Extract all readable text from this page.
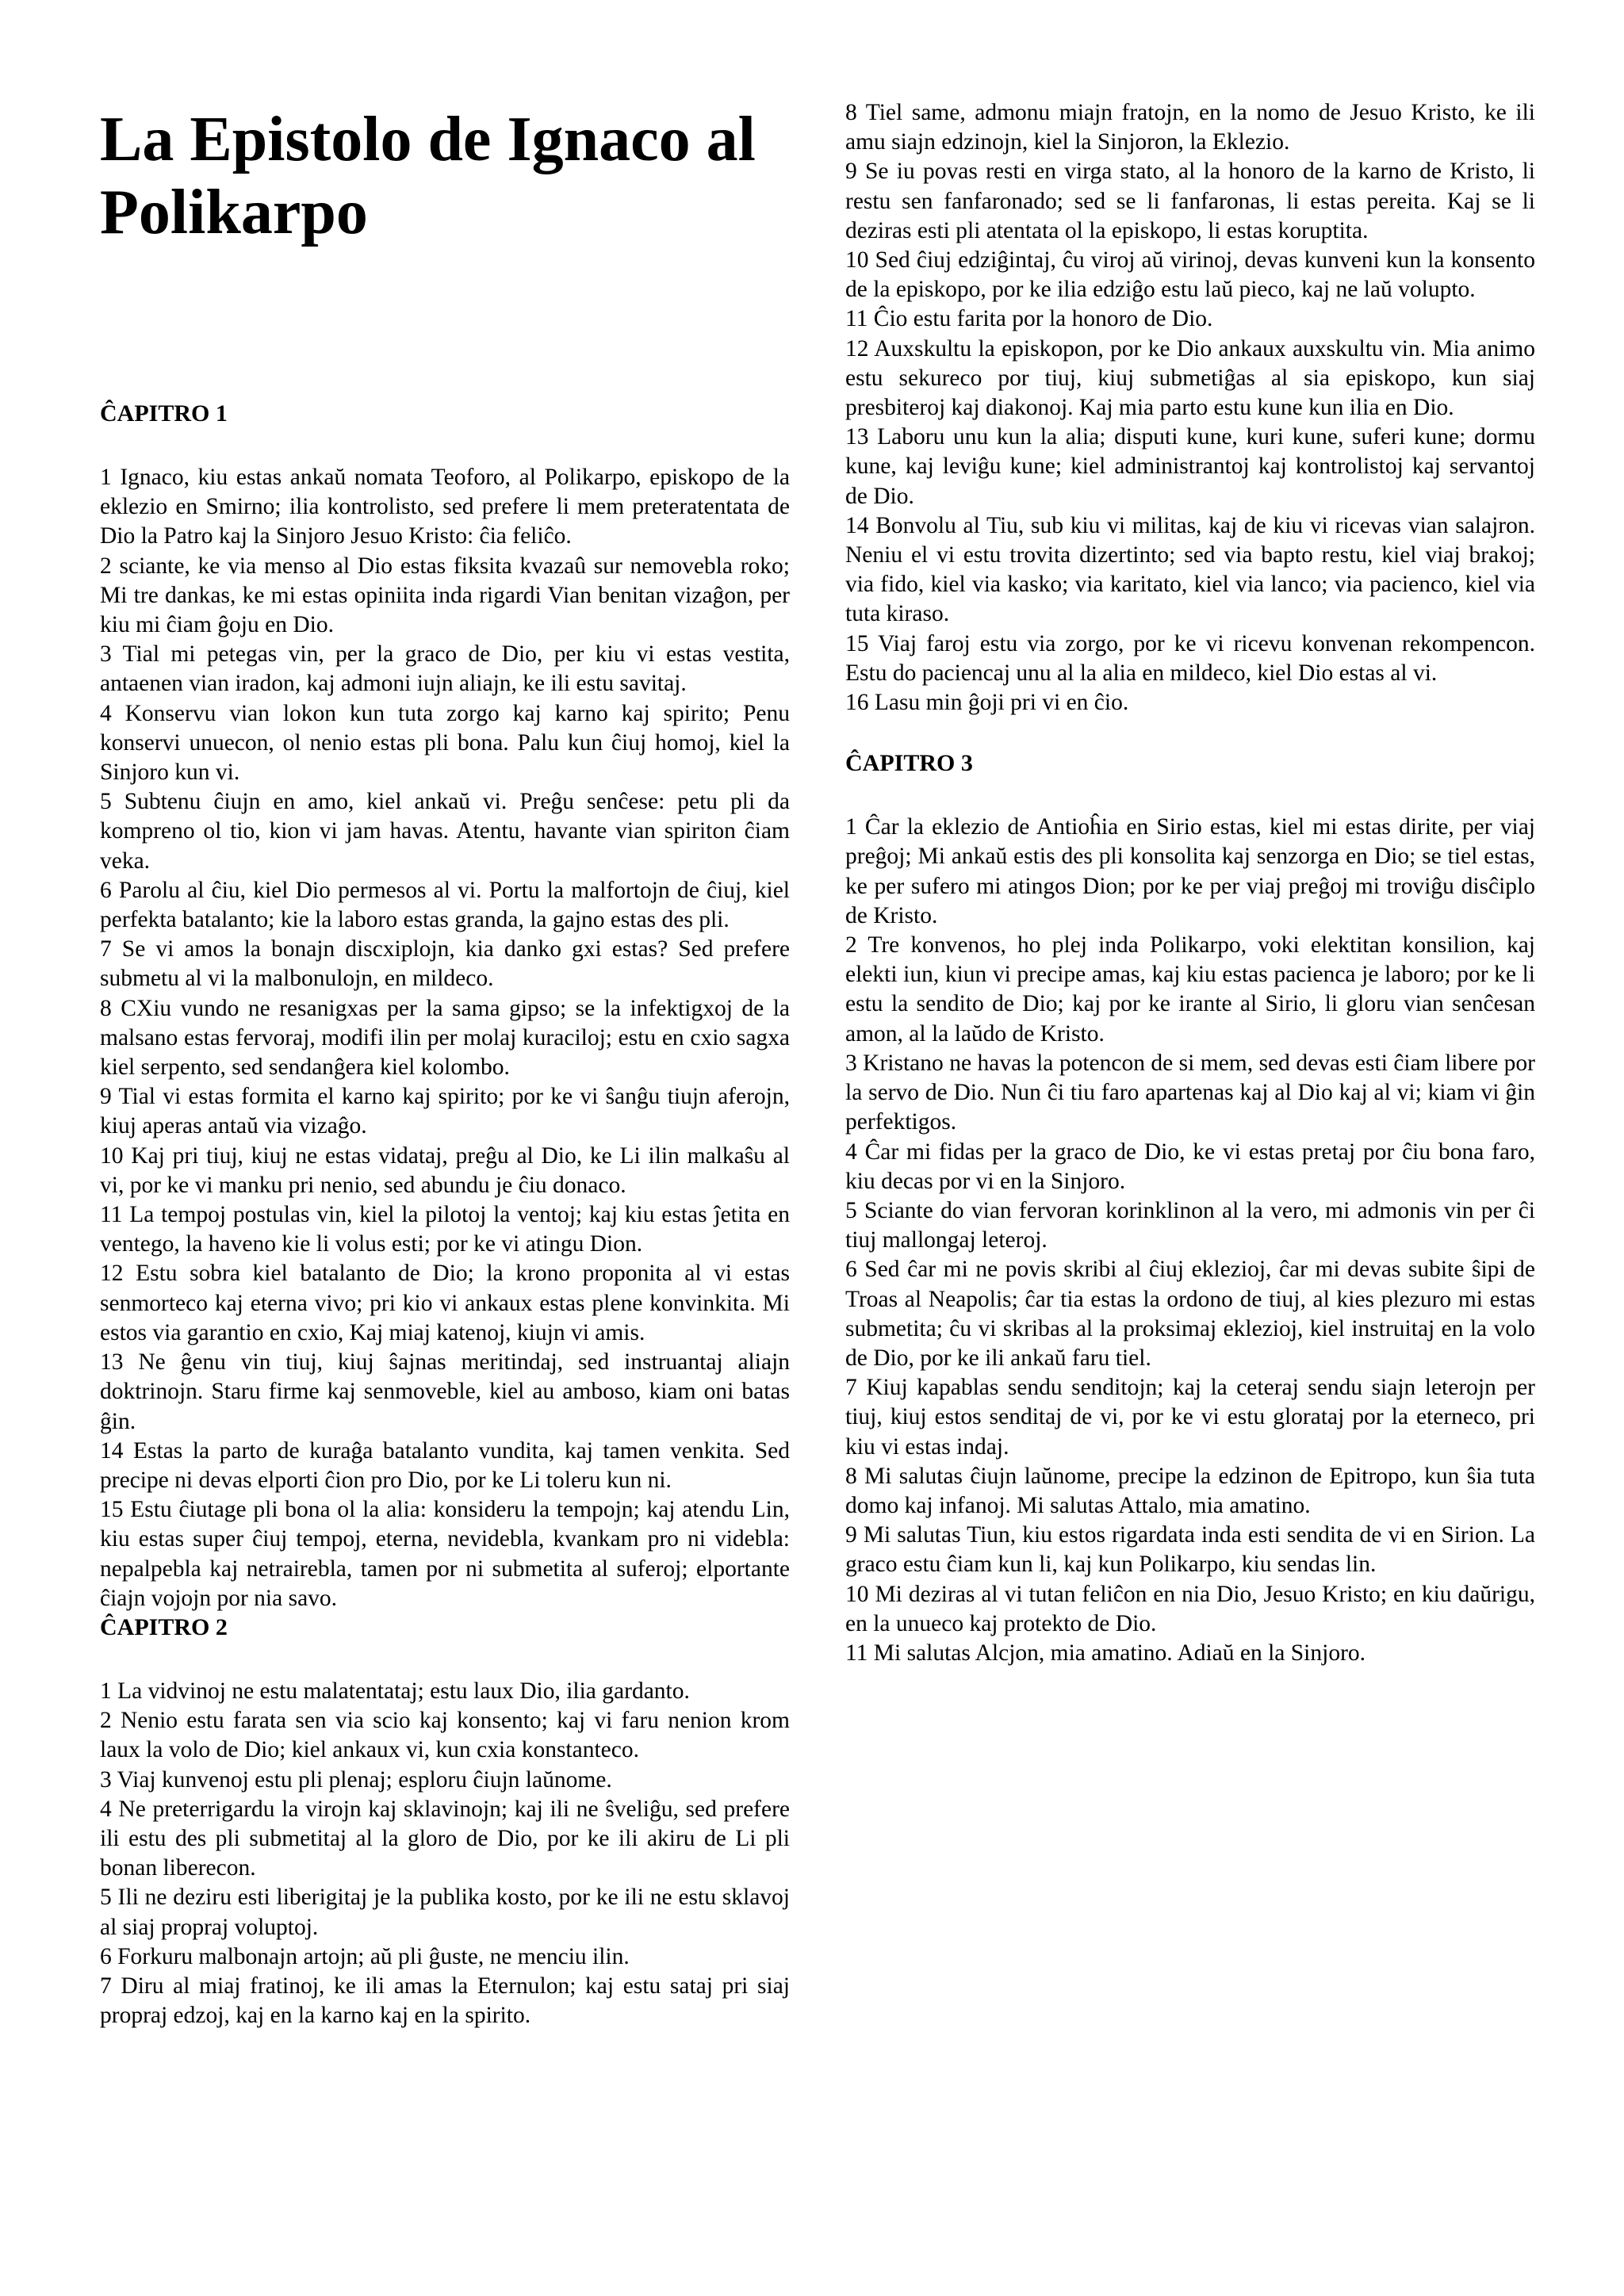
La Epistolo de Ignaco al Polikarpo
ĈAPITRO 1

1 Ignaco, kiu estas ankaŭ nomata Teoforo, al Polikarpo, episkopo de la eklezio en Smirno; ilia kontrolisto, sed prefere li mem preteratentata de Dio la Patro kaj la Sinjoro Jesuo Kristo: ĉia feliĉo.

2 sciante, ke via menso al Dio estas fiksita kvazaû sur nemovebla roko; Mi tre dankas, ke mi estas opiniita inda rigardi Vian benitan vizaĝon, per kiu mi ĉiam ĝoju en Dio.

3 Tial mi petegas vin, per la graco de Dio, per kiu vi estas vestita, antaenen vian iradon, kaj admoni iujn aliajn, ke ili estu savitaj.

4 Konservu vian lokon kun tuta zorgo kaj karno kaj spirito; Penu konservi unuecon, ol nenio estas pli bona. Palu kun ĉiuj homoj, kiel la Sinjoro kun vi.

5 Subtenu ĉiujn en amo, kiel ankaŭ vi. Preĝu senĉese: petu pli da kompreno ol tio, kion vi jam havas. Atentu, havante vian spiriton ĉiam veka.

6 Parolu al ĉiu, kiel Dio permesos al vi. Portu la malfortojn de ĉiuj, kiel perfekta batalanto; kie la laboro estas granda, la gajno estas des pli.

7 Se vi amos la bonajn discxiplojn, kia danko gxi estas? Sed prefere submetu al vi la malbonulojn, en mildeco.

8 CXiu vundo ne resanigxas per la sama gipso; se la infektigxoj de la malsano estas fervoraj, modifi ilin per molaj kuraciloj; estu en cxio sagxa kiel serpento, sed sendanĝera kiel kolombo.

9 Tial vi estas formita el karno kaj spirito; por ke vi ŝanĝu tiujn aferojn, kiuj aperas antaŭ via vizaĝo.

10 Kaj pri tiuj, kiuj ne estas vidataj, preĝu al Dio, ke Li ilin malkaŝu al vi, por ke vi manku pri nenio, sed abundu je ĉiu donaco.

11 La tempoj postulas vin, kiel la pilotoj la ventoj; kaj kiu estas ĵetita en ventego, la haveno kie li volus esti; por ke vi atingu Dion.

12 Estu sobra kiel batalanto de Dio; la krono proponita al vi estas senmorteco kaj eterna vivo; pri kio vi ankaux estas plene konvinkita. Mi estos via garantio en cxio, Kaj miaj katenoj, kiujn vi amis.

13 Ne ĝenu vin tiuj, kiuj ŝajnas meritindaj, sed instruantaj aliajn doktrinojn. Staru firme kaj senmoveble, kiel au amboso, kiam oni batas ĝin.

14 Estas la parto de kuraĝa batalanto vundita, kaj tamen venkita. Sed precipe ni devas elporti ĉion pro Dio, por ke Li toleru kun ni.

15 Estu ĉiutage pli bona ol la alia: konsideru la tempojn; kaj atendu Lin, kiu estas super ĉiuj tempoj, eterna, nevidebla, kvankam pro ni videbla: nepalpebla kaj netrairebla, tamen por ni submetita al suferoj; elportante ĉiajn vojojn por nia savo.

ĈAPITRO 2

1 La vidvinoj ne estu malatentataj; estu laux Dio, ilia gardanto.

2 Nenio estu farata sen via scio kaj konsento; kaj vi faru nenion krom laux la volo de Dio; kiel ankaux vi, kun cxia konstanteco.

3 Viaj kunvenoj estu pli plenaj; esploru ĉiujn laŭnome.

4 Ne preterrigardu la virojn kaj sklavinojn; kaj ili ne ŝveliĝu, sed prefere ili estu des pli submetitaj al la gloro de Dio, por ke ili akiru de Li pli bonan liberecon.

5 Ili ne deziru esti liberigitaj je la publika kosto, por ke ili ne estu sklavoj al siaj propraj voluptoj.

6 Forkuru malbonajn artojn; aŭ pli ĝuste, ne menciu ilin.

7 Diru al miaj fratinoj, ke ili amas la Eternulon; kaj estu sataj pri siaj propraj edzoj, kaj en la karno kaj en la spirito.

8 Tiel same, admonu miajn fratojn, en la nomo de Jesuo Kristo, ke ili amu siajn edzinojn, kiel la Sinjoron, la Eklezio.

9 Se iu povas resti en virga stato, al la honoro de la karno de Kristo, li restu sen fanfaronado; sed se li fanfaronas, li estas pereita. Kaj se li deziras esti pli atentata ol la episkopo, li estas koruptita.

10 Sed ĉiuj edziĝintaj, ĉu viroj aŭ virinoj, devas kunveni kun la konsento de la episkopo, por ke ilia edziĝo estu laŭ pieco, kaj ne laŭ volupto.

11 Ĉio estu farita por la honoro de Dio.

12 Auxskultu la episkopon, por ke Dio ankaux auxskultu vin. Mia animo estu sekureco por tiuj, kiuj submetiĝas al sia episkopo, kun siaj presbiteroj kaj diakonoj. Kaj mia parto estu kune kun ilia en Dio.

13 Laboru unu kun la alia; disputi kune, kuri kune, suferi kune; dormu kune, kaj leviĝu kune; kiel administrantoj kaj kontrolistoj kaj servantoj de Dio.

14 Bonvolu al Tiu, sub kiu vi militas, kaj de kiu vi ricevas vian salajron. Neniu el vi estu trovita dizertinto; sed via bapto restu, kiel viaj brakoj; via fido, kiel via kasko; via karitato, kiel via lanco; via pacienco, kiel via tuta kiraso.

15 Viaj faroj estu via zorgo, por ke vi ricevu konvenan rekompencon. Estu do paciencaj unu al la alia en mildeco, kiel Dio estas al vi.

16 Lasu min ĝoji pri vi en ĉio.

ĈAPITRO 3

1 Ĉar la eklezio de Antioĥia en Sirio estas, kiel mi estas dirite, per viaj preĝoj; Mi ankaŭ estis des pli konsolita kaj senzorga en Dio; se tiel estas, ke per sufero mi atingos Dion; por ke per viaj preĝoj mi troviĝu disĉiplo de Kristo.

2 Tre konvenos, ho plej inda Polikarpo, voki elektitan konsilion, kaj elekti iun, kiun vi precipe amas, kaj kiu estas pacienca je laboro; por ke li estu la sendito de Dio; kaj por ke irante al Sirio, li gloru vian senĉesan amon, al la laŭdo de Kristo.

3 Kristano ne havas la potencon de si mem, sed devas esti ĉiam libere por la servo de Dio. Nun ĉi tiu faro apartenas kaj al Dio kaj al vi; kiam vi ĝin perfektigos.

4 Ĉar mi fidas per la graco de Dio, ke vi estas pretaj por ĉiu bona faro, kiu decas por vi en la Sinjoro.

5 Sciante do vian fervoran korinklinon al la vero, mi admonis vin per ĉi tiuj mallongaj leteroj.

6 Sed ĉar mi ne povis skribi al ĉiuj eklezioj, ĉar mi devas subite ŝipi de Troas al Neapolis; ĉar tia estas la ordono de tiuj, al kies plezuro mi estas submetita; ĉu vi skribas al la proksimaj eklezioj, kiel instruitaj en la volo de Dio, por ke ili ankaŭ faru tiel.

7 Kiuj kapablas sendu senditojn; kaj la ceteraj sendu siajn leterojn per tiuj, kiuj estos senditaj de vi, por ke vi estu glorataj por la eterneco, pri kiu vi estas indaj.

8 Mi salutas ĉiujn laŭnome, precipe la edzinon de Epitropo, kun ŝia tuta domo kaj infanoj. Mi salutas Attalo, mia amatino.

9 Mi salutas Tiun, kiu estos rigardata inda esti sendita de vi en Sirion. La graco estu ĉiam kun li, kaj kun Polikarpo, kiu sendas lin.

10 Mi deziras al vi tutan feliĉon en nia Dio, Jesuo Kristo; en kiu daŭrigu, en la unueco kaj protekto de Dio.

11 Mi salutas Alcjon, mia amatino. Adiaŭ en la Sinjoro.
